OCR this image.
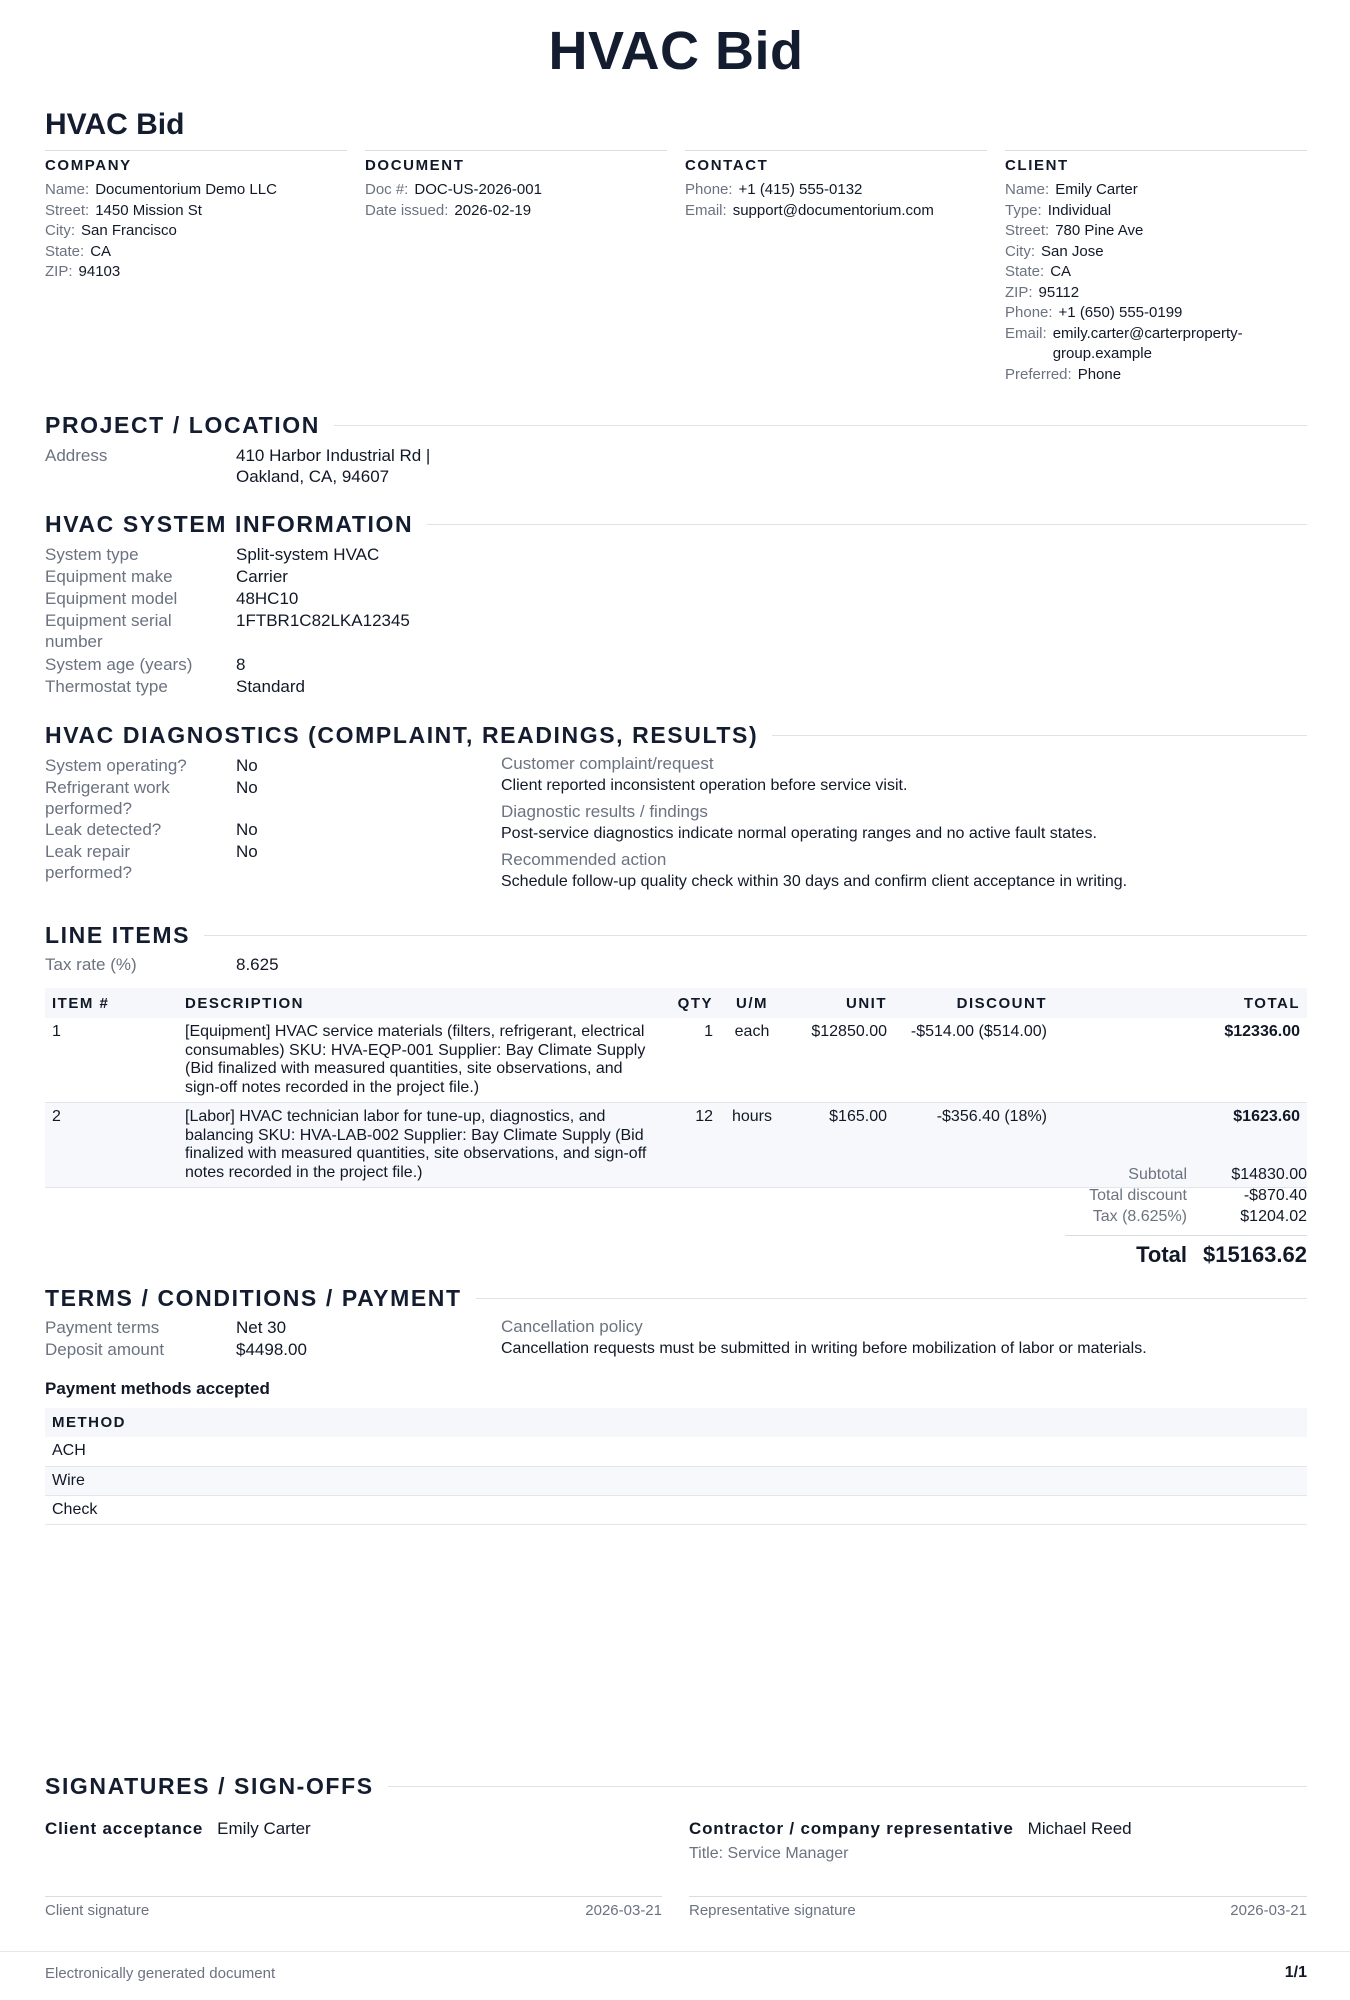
HVAC Bid
HVAC Bid
COMPANY
Name: Documentorium Demo LLC
Street: 1450 Mission St
City: San Francisco
State: CA
ZIP: 94103
DOCUMENT
Doc #: DOC-US-2026-001
Date issued: 2026-02-19
CONTACT
Phone: +1 (415) 555-0132
Email: support@documentorium.com
CLIENT
Name: Emily Carter
Type: Individual
Street: 780 Pine Ave
City: San Jose
State: CA
ZIP: 95112
Phone: +1 (650) 555-0199
Email: emily.carter@carterproperty-group.example
Preferred: Phone
PROJECT / LOCATION
Address	410 Harbor Industrial Rd |
Oakland, CA, 94607
HVAC SYSTEM INFORMATION
System type	Split-system HVAC
Equipment make	Carrier
Equipment model	48HC10
Equipment serial number
1FTBR1C82LKA12345
System age (years)	8
Thermostat type	Standard
HVAC DIAGNOSTICS (COMPLAINT, READINGS, RESULTS)
System operating?	No
Refrigerant work performed?
No
Leak detected?	No
Leak repair performed?
No
Customer complaint/request
Client reported inconsistent operation before service visit.
Diagnostic results / findings
Post-service diagnostics indicate normal operating ranges and no active fault states.
Recommended action
Schedule follow-up quality check within 30 days and confirm client acceptance in writing.
LINE ITEMS
Tax rate (%)	8.625
ITEM #	DESCRIPTION	QTY	U/M	UNIT	DISCOUNT	TOTAL
1	[Equipment] HVAC service materials (filters, refrigerant, electrical consumables) SKU: HVA-EQP-001 Supplier: Bay Climate Supply (Bid finalized with measured quantities, site observations, and sign-off notes recorded in the project file.)	1	each	$12850.00	-$514.00 ($514.00)	$12336.00
2	[Labor] HVAC technician labor for tune-up, diagnostics, and balancing SKU: HVA-LAB-002 Supplier: Bay Climate Supply (Bid finalized with measured quantities, site observations, and sign-off notes recorded in the project file.)	12	hours	$165.00	-$356.40 (18%)	$1623.60
Subtotal	$14830.00
Total discount	-$870.40
Tax (8.625%)	$1204.02
Total $15163.62
TERMS / CONDITIONS / PAYMENT
Payment terms	Net 30
Deposit amount	$4498.00
Cancellation policy
Cancellation requests must be submitted in writing before mobilization of labor or materials.
Payment methods accepted
METHOD
ACH
Wire
Check
SIGNATURES / SIGN-OFFS
Client acceptance Emily Carter	Contractor / company representative Michael Reed
Title: Service Manager
Client signature	2026-03-21 Representative signature	2026-03-21
Electronically generated document	1/1
